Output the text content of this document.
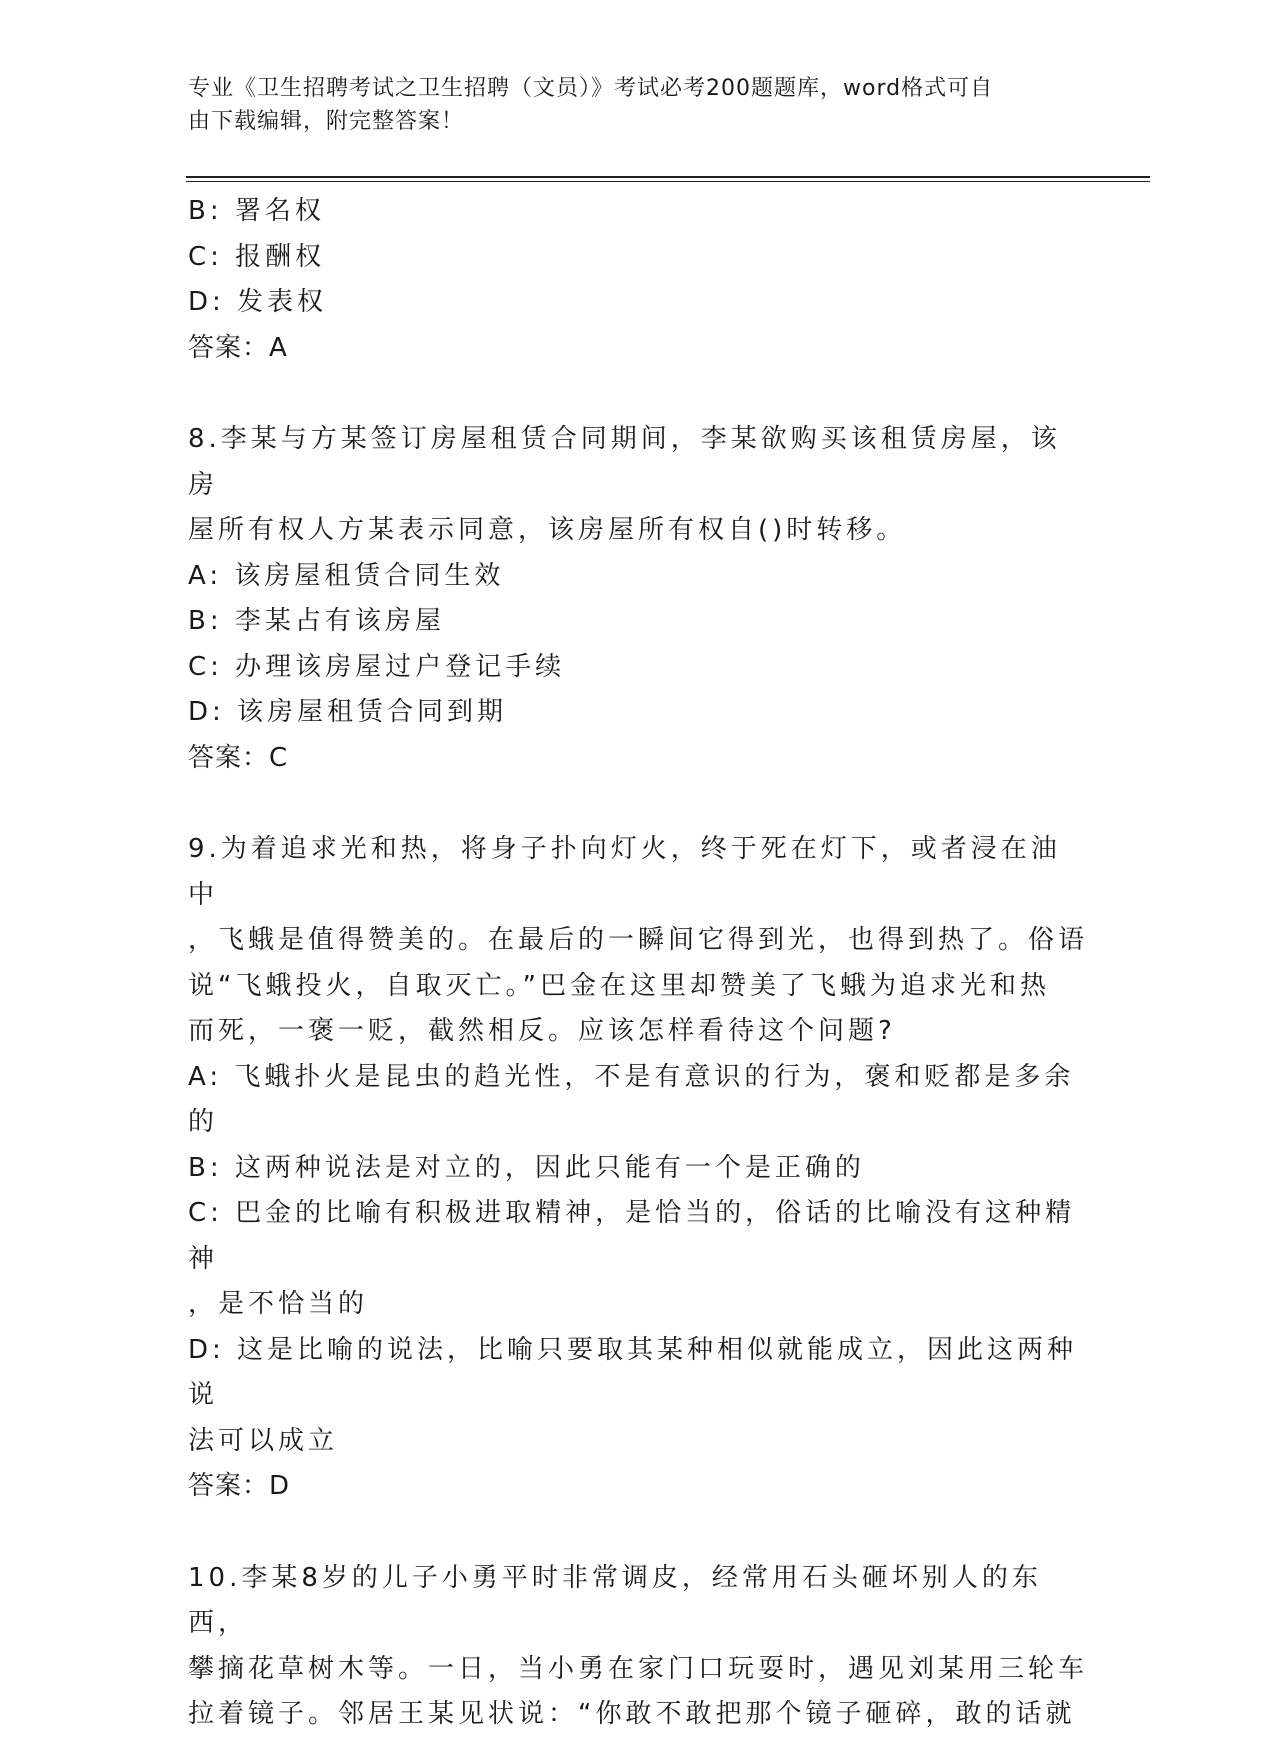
专业《卫生招聘考试之卫生招聘（文员）》考试必考200题题库，word格式可自
由下载编辑，附完整答案！

B: 署名权

C: 报酬权

D: 发表权

答案：A

8.李某与方某签订房屋租赁合同期间，李某欲购买该租赁房屋，该房

屋所有权人方某表示同意，该房屋所有权自()时转移。

A: 该房屋租赁合同生效

B: 李某占有该房屋

C: 办理该房屋过户登记手续

D: 该房屋租赁合同到期

答案：C

9.为着追求光和热，将身子扑向灯火，终于死在灯下，或者浸在油中

，飞蛾是值得赞美的。在最后的一瞬间它得到光，也得到热了。俗语

说“飞蛾投火，自取灭亡。”巴金在这里却赞美了飞蛾为追求光和热

而死，一褒一贬，截然相反。应该怎样看待这个问题?

A: 飞蛾扑火是昆虫的趋光性，不是有意识的行为，褒和贬都是多余的

B: 这两种说法是对立的，因此只能有一个是正确的

C: 巴金的比喻有积极进取精神，是恰当的，俗话的比喻没有这种精神

，是不恰当的

D: 这是比喻的说法，比喻只要取其某种相似就能成立，因此这两种说

法可以成立

答案：D

10.李某8岁的儿子小勇平时非常调皮，经常用石头砸坏别人的东西，

攀摘花草树木等。一日，当小勇在家门口玩耍时，遇见刘某用三轮车

拉着镜子。邻居王某见状说：“你敢不敢把那个镜子砸碎，敢的话就
